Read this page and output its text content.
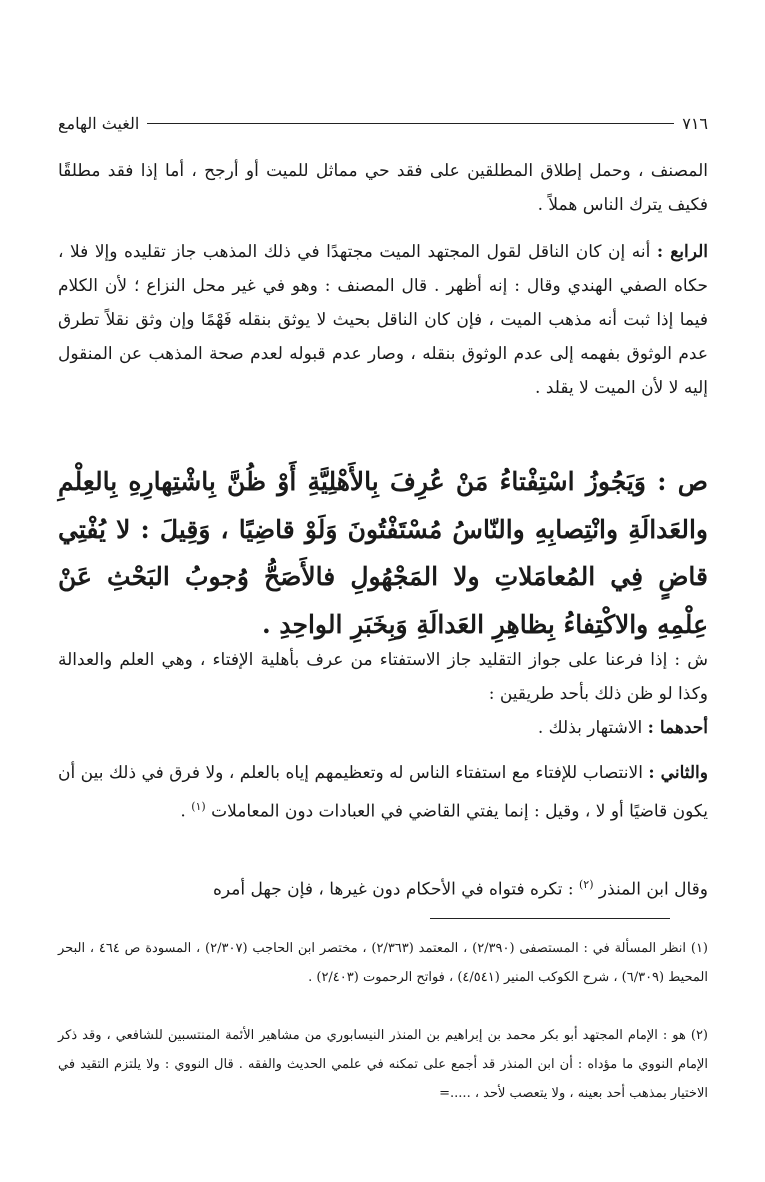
٧١٦
الغيث الهامع

المصنف ، وحمل إطلاق المطلقين على فقد حي مماثل للميت أو أرجح ، أما إذا فقد مطلقًا فكيف يترك الناس هملاً .

الرابع : أنه إن كان الناقل لقول المجتهد الميت مجتهدًا في ذلك المذهب جاز تقليده وإلا فلا ، حكاه الصفي الهندي وقال : إنه أظهر . قال المصنف : وهو في غير محل النزاع ؛ لأن الكلام فيما إذا ثبت أنه مذهب الميت ، فإن كان الناقل بحيث لا يوثق بنقله فَهْمًا وإن وثق نقلاً تطرق عدم الوثوق بفهمه إلى عدم الوثوق بنقله ، وصار عدم قبوله لعدم صحة المذهب عن المنقول إليه لا لأن الميت لا يقلد .

ص : وَيَجُوزُ اسْتِفْتاءُ مَنْ عُرِفَ بِالأَهْلِيَّةِ أَوْ ظُنَّ بِاشْتِهارِهِ بِالعِلْمِ والعَدالَةِ وانْتِصابِهِ والنّاسُ مُسْتَفْتُونَ وَلَوْ قاضِيًا ، وَقِيلَ : لا يُفْتِي قاضٍ فِي المُعامَلاتِ ولا المَجْهُولِ فالأَصَحُّ وُجوبُ البَحْثِ عَنْ عِلْمِهِ والاكْتِفاءُ بِظاهِرِ العَدالَةِ وَبِخَبَرِ الواحِدِ .

ش : إذا فرعنا على جواز التقليد جاز الاستفتاء من عرف بأهلية الإفتاء ، وهي العلم والعدالة وكذا لو ظن ذلك بأحد طريقين :

أحدهما : الاشتهار بذلك .

والثاني : الانتصاب للإفتاء مع استفتاء الناس له وتعظيمهم إياه بالعلم ، ولا فرق في ذلك بين أن يكون قاضيًا أو لا ، وقيل : إنما يفتي القاضي في العبادات دون المعاملات $^{(١)}$ .

وقال ابن المنذر $^{(٢)}$ : تكره فتواه في الأحكام دون غيرها ، فإن جهل أمره

(١) انظر المسألة في : المستصفى (٢/٣٩٠) ، المعتمد (٢/٣٦٣) ، مختصر ابن الحاجب (٢/٣٠٧) ، المسودة ص ٤٦٤ ، البحر المحيط (٦/٣٠٩) ، شرح الكوكب المنير (٤/٥٤١) ، فواتح الرحموت (٢/٤٠٣) .

(٢) هو : الإمام المجتهد أبو بكر محمد بن إبراهيم بن المنذر النيسابوري من مشاهير الأئمة المنتسبين للشافعي ، وقد ذكر الإمام النووي ما مؤداه : أن ابن المنذر قد أجمع على تمكنه في علمي الحديث والفقه . قال النووي : ولا يلتزم التقيد في الاختيار بمذهب أحد بعينه ، ولا يتعصب لأحد ، .....=
